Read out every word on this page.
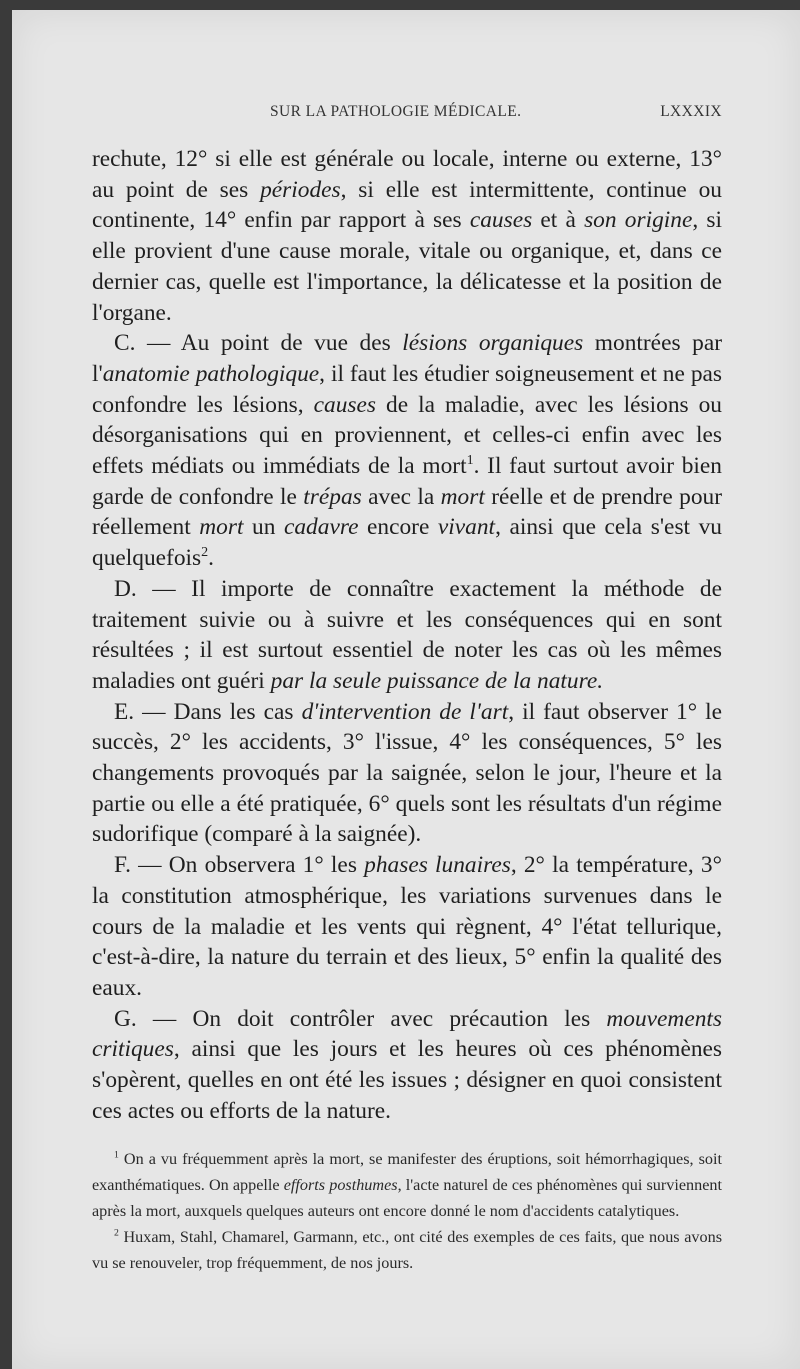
SUR LA PATHOLOGIE MÉDICALE.	LXXXIX

rechute, 12° si elle est générale ou locale, interne ou externe, 13° au point de ses périodes, si elle est intermittente, continue ou continente, 14° enfin par rapport à ses causes et à son origine, si elle provient d'une cause morale, vitale ou organique, et, dans ce dernier cas, quelle est l'importance, la délicatesse et la position de l'organe.

C. — Au point de vue des lésions organiques montrées par l'anatomie pathologique, il faut les étudier soigneusement et ne pas confondre les lésions, causes de la maladie, avec les lésions ou désorganisations qui en proviennent, et celles-ci enfin avec les effets médiats ou immédiats de la mort$^1$. Il faut surtout avoir bien garde de confondre le trépas avec la mort réelle et de prendre pour réellement mort un cadavre encore vivant, ainsi que cela s'est vu quelquefois$^2$.

D. — Il importe de connaître exactement la méthode de traitement suivie ou à suivre et les conséquences qui en sont résultées ; il est surtout essentiel de noter les cas où les mêmes maladies ont guéri par la seule puissance de la nature.

E. — Dans les cas d'intervention de l'art, il faut observer 1° le succès, 2° les accidents, 3° l'issue, 4° les conséquences, 5° les changements provoqués par la saignée, selon le jour, l'heure et la partie ou elle a été pratiquée, 6° quels sont les résultats d'un régime sudorifique (comparé à la saignée).

F. — On observera 1° les phases lunaires, 2° la température, 3° la constitution atmosphérique, les variations survenues dans le cours de la maladie et les vents qui règnent, 4° l'état tellurique, c'est-à-dire, la nature du terrain et des lieux, 5° enfin la qualité des eaux.

G. — On doit contrôler avec précaution les mouvements critiques, ainsi que les jours et les heures où ces phénomènes s'opèrent, quelles en ont été les issues ; désigner en quoi consistent ces actes ou efforts de la nature.

$^1$ On a vu fréquemment après la mort, se manifester des éruptions, soit hémorrhagiques, soit exanthématiques. On appelle efforts posthumes, l'acte naturel de ces phénomènes qui surviennent après la mort, auxquels quelques auteurs ont encore donné le nom d'accidents catalytiques.

$^2$ Huxam, Stahl, Chamarel, Garmann, etc., ont cité des exemples de ces faits, que nous avons vu se renouveler, trop fréquemment, de nos jours.
